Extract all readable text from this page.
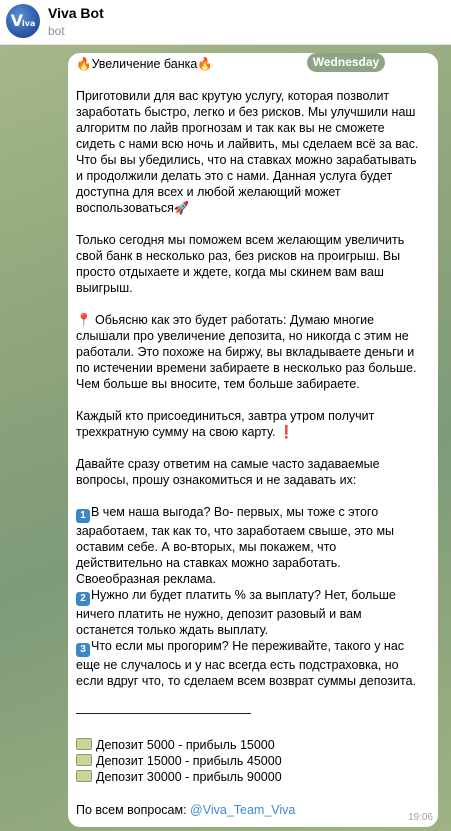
Viva
Viva Bot
bot
Wednesday
🔥Увеличение банка🔥

Приготовили для вас крутую услугу, которая позволит
заработать быстро, легко и без рисков. Мы улучшили наш
алгоритм по лайв прогнозам и так как вы не сможете
сидеть с нами всю ночь и лайвить, мы сделаем всё за вас.
Что бы вы убедились, что на ставках можно зарабатывать
и продолжили делать это с нами. Данная услуга будет
доступна для всех и любой желающий может
воспользоваться🚀

Только сегодня мы поможем всем желающим увеличить
свой банк в несколько раз, без рисков на проигрыш. Вы
просто отдыхаете и ждете, когда мы скинем вам ваш
выигрыш.

📍 Обьясню как это будет работать: Думаю многие
слышали про увеличение депозита, но никогда с этим не
работали. Это похоже на биржу, вы вкладываете деньги и
по истечении времени забираете в несколько раз больше.
Чем больше вы вносите, тем больше забираете.

Каждый кто присоединиться, завтра утром получит
трехкратную сумму на свою карту. ❗

Давайте сразу ответим на самые часто задаваемые
вопросы, прошу ознакомиться и не задавать их:

1 В чем наша выгода? Во- первых, мы тоже с этого
заработаем, так как то, что заработаем свыше, это мы
оставим себе. А во-вторых, мы покажем, что
действительно на ставках можно заработать.
Своеобразная реклама.
2 Нужно ли будет платить % за выплату? Нет, больше
ничего платить не нужно, депозит разовый и вам
останется только ждать выплату.
3 Что если мы прогорим? Не переживайте, такого у нас
еще не случалось и у нас всегда есть подстраховка, но
если вдруг что, то сделаем всем возврат суммы депозита.

——————————————

Депозит 5000 - прибыль 15000
Депозит 15000 - прибыль 45000
Депозит 30000 - прибыль 90000
По всем вопросам: @Viva_Team_Viva
19:06
